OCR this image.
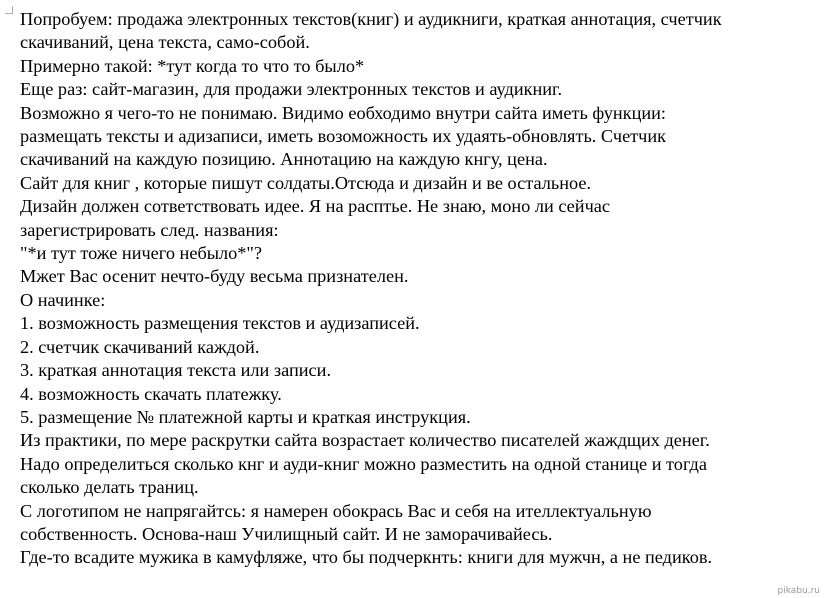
Попробуем: продажа электронных текстов(книг) и аудикниги, краткая аннотация, счетчик
скачиваний, цена текста, само-собой.
Примерно такой: *тут когда то что то было*
Еще раз: сайт-магазин, для продажи электронных текстов и аудикниг.
Возможно я чего-то не понимаю. Видимо еобходимо внутри сайта иметь функции:
размещать тексты и адизаписи, иметь возоможность их удаять-обновлять. Счетчик
скачиваний на каждую позицию. Аннотацию на каждую кнгу, цена.
Сайт для книг , которые пишут солдаты.Отсюда и дизайн и ве остальное.
Дизайн должен сответствовать идее. Я на расптье. Не знаю, моно ли сейчас
зарегистрировать след. названия:
"*и тут тоже ничего небыло*"?
Мжет Вас осенит нечто-буду весьма признателен.
О начинке:
1. возможность размещения текстов и аудизаписей.
2. счетчик скачиваний каждой.
3. краткая аннотация текста или записи.
4. возможность скачать платежку.
5. размещение № платежной карты и краткая инструкция.
Из практики, по мере раскрутки сайта возрастает количество писателей жаждщих денег.
Надо определиться сколько кнг и ауди-книг можно разместить на одной станице и тогда
сколько делать траниц.
С логотипом не напрягайтсь: я намерен обокрась Вас и себя на ителлектуальную
собственность. Основа-наш Училищный сайт. И не заморачивайесь.
Где-то всадите мужика в камуфляже, что бы подчеркнть: книги для мужчн, а не педиков.
pikabu.ru
